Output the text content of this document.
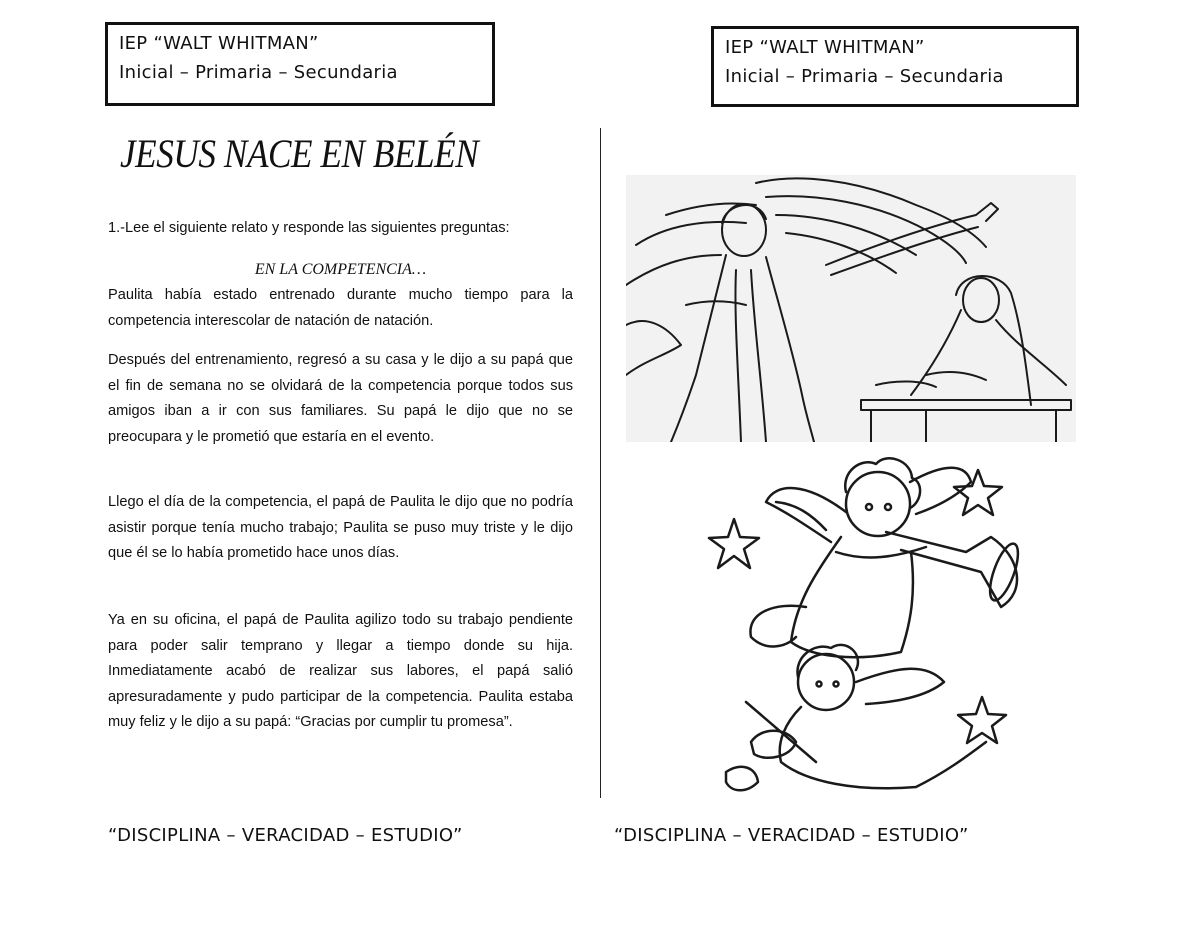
IEP “WALT WHITMAN”
Inicial – Primaria – Secundaria
IEP “WALT WHITMAN”
Inicial – Primaria – Secundaria
JESUS NACE EN BELÉN
1.-Lee el siguiente relato y responde las siguientes preguntas:
EN LA COMPETENCIA…
Paulita había estado entrenado durante mucho tiempo para la competencia interescolar de natación de natación.
Después del entrenamiento, regresó a su casa y le dijo a su papá que el fin de semana no se olvidará de la competencia porque todos sus amigos iban a ir con sus familiares. Su papá le dijo que no se preocupara y le prometió que estaría en el evento.
Llego el día de la competencia, el papá de Paulita le dijo que no podría asistir porque tenía mucho trabajo; Paulita se puso muy triste y le dijo que él se lo había prometido hace unos días.
Ya en su oficina, el papá de Paulita agilizo todo su trabajo pendiente para poder salir temprano y llegar a tiempo donde su hija. Inmediatamente acabó de realizar sus labores, el papá salió apresuradamente y pudo participar de la competencia. Paulita estaba muy feliz y le dijo a su papá: “Gracias por cumplir tu promesa”.
“DISCIPLINA – VERACIDAD – ESTUDIO”	“DISCIPLINA – VERACIDAD – ESTUDIO”
